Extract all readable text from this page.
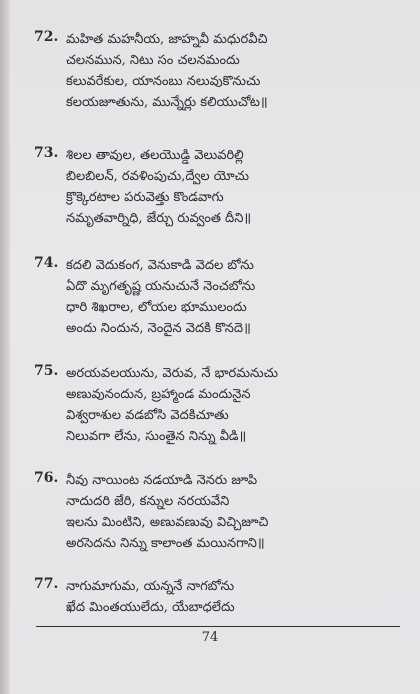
72. మహిత మహనీయ, జాహ్నవీ మధురవీచి
చలనమున, నిటు సం చలనమందు
కలువరేకుల, యానంబు నలువుకొనుచు
కలయజూతును, మున్నేర్లు కలియుచోట॥
73. శిలల తావుల, తలయొడ్డి వెలువరిల్లి
బిలబిలన్, రవళింపుచు,ద్వేల యోచు
క్రొక్కెరటాల పరువెత్తు కొండవాగు
నమృతవార్నిధి, జేర్చు రువ్వంత దీని॥
74. కదలి వెదుకంగ, వెనుకాడి వెదల బోను
ఏదొ మృగతృష్ణ యనుచునే నెంచబోను
ధారి శిఖరాల, లోయల భూములందు
అందు నిందున, నెందైన వెదకి కొనదె॥
75. అరయవలయును, వెరువ, నే భారమనుచు
అణువునందున, బ్రహ్మాండ మందునైన
విశ్వరాశుల వడబోసి వెదకిచూతు
నిలువగా లేను, సుంతైన నిన్ను వీడి॥
76. నీవు నాయింట నడయాడి నెనరు జూపి
నాదుదరి జేరి, కన్నుల నరయవేని
ఇలను మింటిని, అణువణువు విచ్చిజూచి
అరసెదను నిన్ను కాలాంత మయినగాని॥
77. నాగుమాగుమ, యన్ననే నాగబోను
ఖేద మింతయులేదు, యేబాధలేదు
74
